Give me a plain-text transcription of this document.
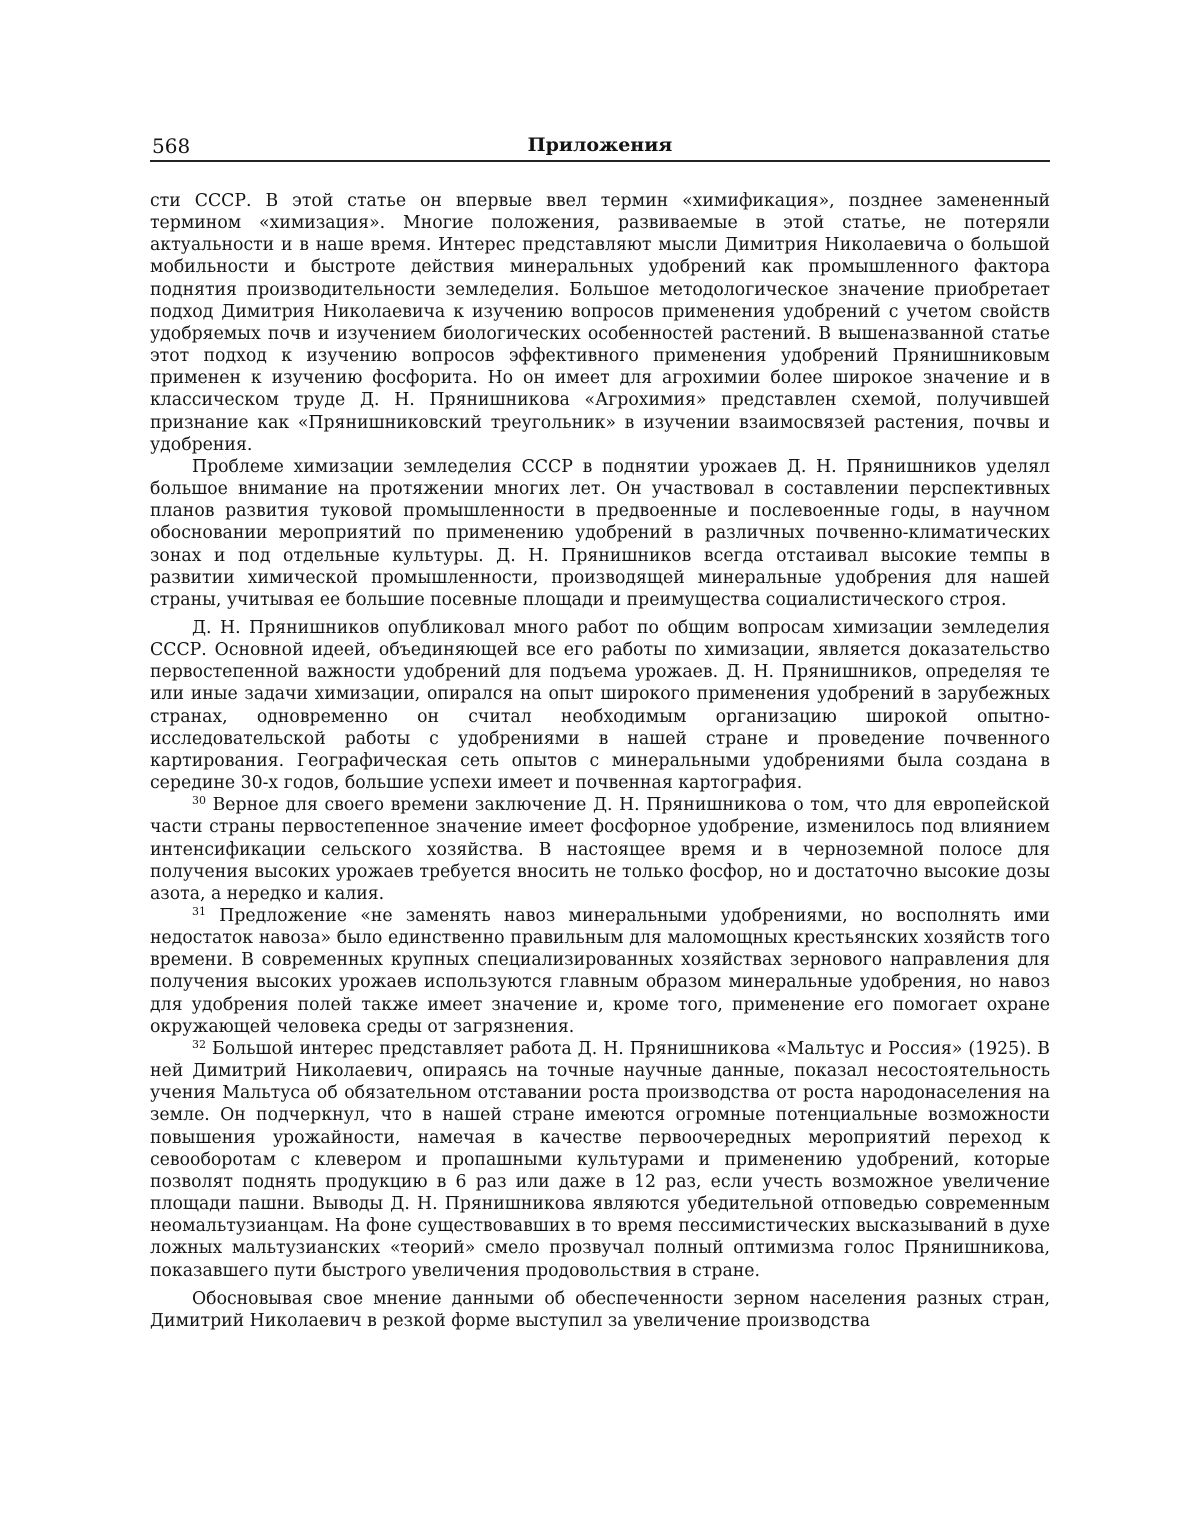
568	Приложения

сти СССР. В этой статье он впервые ввел термин «химификация», позднее замененный термином «химизация». Многие положения, развиваемые в этой статье, не потеряли актуальности и в наше время. Интерес представляют мысли Димитрия Николаевича о большой мобильности и быстроте действия минеральных удобрений как промышленного фактора поднятия производительности земледелия. Большое методологическое значение приобретает подход Димитрия Николаевича к изучению вопросов применения удобрений с учетом свойств удобряемых почв и изучением биологических особенностей растений. В вышеназванной статье этот подход к изучению вопросов эффективного применения удобрений Прянишниковым применен к изучению фосфорита. Но он имеет для агрохимии более широкое значение и в классическом труде Д. Н. Прянишникова «Агрохимия» представлен схемой, получившей признание как «Прянишниковский треугольник» в изучении взаимосвязей растения, почвы и удобрения.

Проблеме химизации земледелия СССР в поднятии урожаев Д. Н. Прянишников уделял большое внимание на протяжении многих лет. Он участвовал в составлении перспективных планов развития туковой промышленности в предвоенные и послевоенные годы, в научном обосновании мероприятий по применению удобрений в различных почвенно-климатических зонах и под отдельные культуры. Д. Н. Прянишников всегда отстаивал высокие темпы в развитии химической промышленности, производящей минеральные удобрения для нашей страны, учитывая ее большие посевные площади и преимущества социалистического строя.

Д. Н. Прянишников опубликовал много работ по общим вопросам химизации земледелия СССР. Основной идеей, объединяющей все его работы по химизации, является доказательство первостепенной важности удобрений для подъема урожаев. Д. Н. Прянишников, определяя те или иные задачи химизации, опирался на опыт широкого применения удобрений в зарубежных странах, одновременно он считал необходимым организацию широкой опытно-исследовательской работы с удобрениями в нашей стране и проведение почвенного картирования. Географическая сеть опытов с минеральными удобрениями была создана в середине 30-х годов, большие успехи имеет и почвенная картография.

30 Верное для своего времени заключение Д. Н. Прянишникова о том, что для европейской части страны первостепенное значение имеет фосфорное удобрение, изменилось под влиянием интенсификации сельского хозяйства. В настоящее время и в черноземной полосе для получения высоких урожаев требуется вносить не только фосфор, но и достаточно высокие дозы азота, а нередко и калия.

31 Предложение «не заменять навоз минеральными удобрениями, но восполнять ими недостаток навоза» было единственно правильным для маломощных крестьянских хозяйств того времени. В современных крупных специализированных хозяйствах зернового направления для получения высоких урожаев используются главным образом минеральные удобрения, но навоз для удобрения полей также имеет значение и, кроме того, применение его помогает охране окружающей человека среды от загрязнения.

32 Большой интерес представляет работа Д. Н. Прянишникова «Мальтус и Россия» (1925). В ней Димитрий Николаевич, опираясь на точные научные данные, показал несостоятельность учения Мальтуса об обязательном отставании роста производства от роста народонаселения на земле. Он подчеркнул, что в нашей стране имеются огромные потенциальные возможности повышения урожайности, намечая в качестве первоочередных мероприятий переход к севооборотам с клевером и пропашными культурами и применению удобрений, которые позволят поднять продукцию в 6 раз или даже в 12 раз, если учесть возможное увеличение площади пашни. Выводы Д. Н. Прянишникова являются убедительной отповедью современным неомальтузианцам. На фоне существовавших в то время пессимистических высказываний в духе ложных мальтузианских «теорий» смело прозвучал полный оптимизма голос Прянишникова, показавшего пути быстрого увеличения продовольствия в стране.

Обосновывая свое мнение данными об обеспеченности зерном населения разных стран, Димитрий Николаевич в резкой форме выступил за увеличение производства
